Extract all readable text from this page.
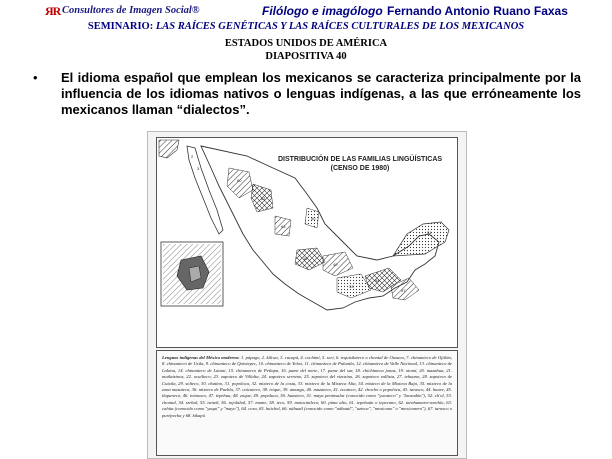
ЯR Consultores de Imagen Social®	Filólogo e imagólogo Fernando Antonio Ruano Faxas
SEMINARIO: LAS RAÍCES GENÉTICAS Y LAS RAÍCES CULTURALES DE LOS MEXICANOS
ESTADOS UNIDOS DE AMÉRICA
DIAPOSITIVA 40
• El idioma español que emplean los mexicanos se caracteriza principalmente por la influencia de los idiomas nativos o lenguas indígenas, a las que erróneamente los mexicanos llaman “dialectos”.
2
3
60
62
63
50
19
40
33
54
57
51
DISTRIBUCIÓN DE LAS FAMILIAS LINGÜÍSTICAS
(CENSO DE 1980)
Lenguas indígenas del México moderno: 1. pápago, 2. kiliwa, 3. cucapá, 4. cochimí, 5. seri, 6. tequistlateco o chontal de Oaxaca, 7. chinanteco de Ojitlán, 8. chinanteco de Usila, 9. chinanteco de Quiotepec, 10. chinanteco de Yolox, 11. chinanteco de Palantla, 12. chinanteco de Valle Nacional, 13. chinanteco de Lalana, 14. chinanteco de Latani, 15. chinanteco de Petlapa, 16. pame del norte, 17. pame del sur, 18. chichimeca jonaz, 19. otomí, 20. mazahua, 21. matlatzinca, 22. ocuilteco, 23. zapoteco de Villalta, 24. zapoteco serrano, 25. zapoteco del vizcaíno, 26. zapoteco vallista, 27. tehuano, 28. zapoteco de Cuixtla, 29. solteco, 30. chatino, 31. popoloca, 32. mixteco de la costa, 33. mixteco de la Mixteca Alta, 34. mixteco de la Mixteca Baja, 35. mixteco de la zona mazateca, 36. mixteco de Puebla, 37. cuicateco, 38. trique, 39. amuzgo, 40. mazateco, 41. ixcateco, 42. chocho o popoloca, 43. tarasco, 44. huave, 45. tlapaneco, 46. totonaco, 47. tepehua, 48. zoque, 49. popoluca, 50. huasteco, 51. maya peninsular (conocido como "yucateco" y "lacandón"), 52. ch'ol, 53. chontal, 54. tzeltal, 55. tzotzil, 56. tojolabal, 57. mame, 58. teco, 59. motocintleco, 60. pima alto, 61. tepehuán o tepecano, 62. tarahumara-varohío, 63. cahita (conocido como "yaqui" y "mayo"), 64. cora, 65. huichol, 66. náhuatl (conocido como "náhuatl", "azteca", "mexicano" o "mexicanero"), 67. tarasco o purépecha y 68. kikapú
